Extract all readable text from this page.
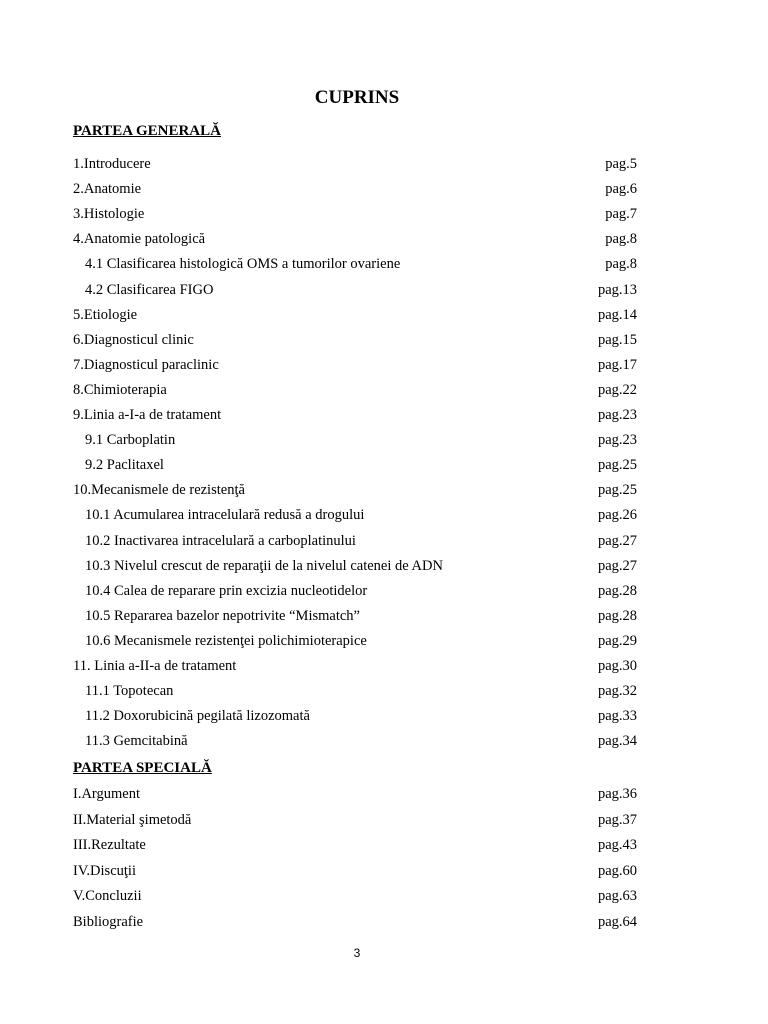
CUPRINS
PARTEA GENERALĂ
1.Introducere	pag.5
2.Anatomie	pag.6
3.Histologie	pag.7
4.Anatomie patologică	pag.8
4.1 Clasificarea histologică OMS a tumorilor ovariene	pag.8
4.2 Clasificarea FIGO	pag.13
5.Etiologie	pag.14
6.Diagnosticul clinic	pag.15
7.Diagnosticul paraclinic	pag.17
8.Chimioterapia	pag.22
9.Linia a-I-a de tratament	pag.23
9.1 Carboplatin	pag.23
9.2 Paclitaxel	pag.25
10.Mecanismele de rezistenţă	pag.25
10.1 Acumularea intracelulară redusă a drogului	pag.26
10.2 Inactivarea intracelulară a carboplatinului	pag.27
10.3 Nivelul crescut de reparaţii de la nivelul catenei de ADN	pag.27
10.4 Calea de reparare prin excizia nucleotidelor	pag.28
10.5 Repararea bazelor nepotrivite “Mismatch”	pag.28
10.6 Mecanismele rezistenţei polichimioterapice	pag.29
11. Linia a-II-a de tratament	pag.30
11.1 Topotecan	pag.32
11.2 Doxorubicină pegilată lizozomată	pag.33
11.3 Gemcitabină	pag.34
PARTEA SPECIALĂ
I.Argument	pag.36
II.Material şimetodă	pag.37
III.Rezultate	pag.43
IV.Discuţii	pag.60
V.Concluzii	pag.63
Bibliografie	pag.64
3
